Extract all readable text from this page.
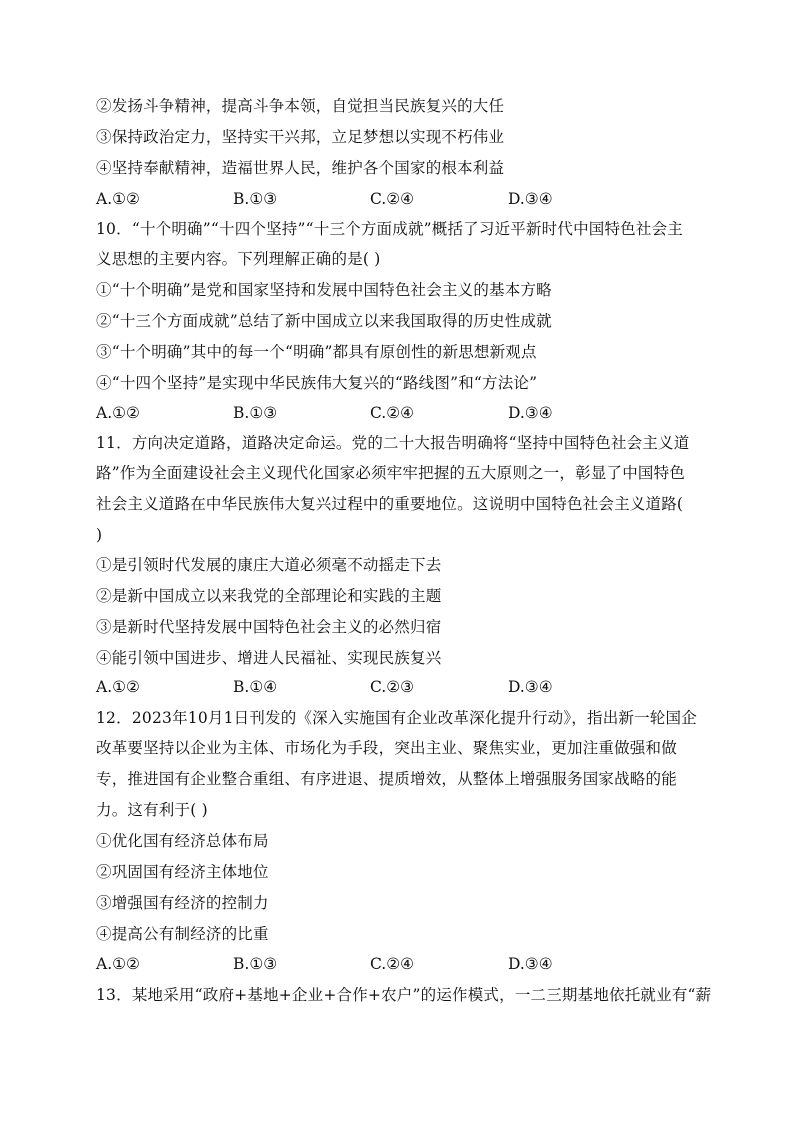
②发扬斗争精神，提高斗争本领，自觉担当民族复兴的大任
③保持政治定力，坚持实干兴邦，立足梦想以实现不朽伟业
④坚持奉献精神，造福世界人民，维护各个国家的根本利益
A.①②	B.①③	C.②④	D.③④
10．“十个明确”“十四个坚持”“十三个方面成就”概括了习近平新时代中国特色社会主
义思想的主要内容。下列理解正确的是( )
①“十个明确”是党和国家坚持和发展中国特色社会主义的基本方略
②“十三个方面成就”总结了新中国成立以来我国取得的历史性成就
③“十个明确”其中的每一个“明确”都具有原创性的新思想新观点
④“十四个坚持”是实现中华民族伟大复兴的“路线图”和“方法论”
A.①②	B.①③	C.②④	D.③④
11．方向决定道路，道路决定命运。党的二十大报告明确将“坚持中国特色社会主义道
路”作为全面建设社会主义现代化国家必须牢牢把握的五大原则之一，彰显了中国特色
社会主义道路在中华民族伟大复兴过程中的重要地位。这说明中国特色社会主义道路(
)
①是引领时代发展的康庄大道必须毫不动摇走下去
②是新中国成立以来我党的全部理论和实践的主题
③是新时代坚持发展中国特色社会主义的必然归宿
④能引领中国进步、增进人民福祉、实现民族复兴
A.①②	B.①④	C.②③	D.③④
12．2023年10月1日刊发的《深入实施国有企业改革深化提升行动》，指出新一轮国企
改革要坚持以企业为主体、市场化为手段，突出主业、聚焦实业，更加注重做强和做
专，推进国有企业整合重组、有序进退、提质增效，从整体上增强服务国家战略的能
力。这有利于( )
①优化国有经济总体布局
②巩固国有经济主体地位
③增强国有经济的控制力
④提高公有制经济的比重
A.①②	B.①③	C.②④	D.③④
13．某地采用“政府+基地+企业+合作+农户”的运作模式，一二三期基地依托就业有“薪
